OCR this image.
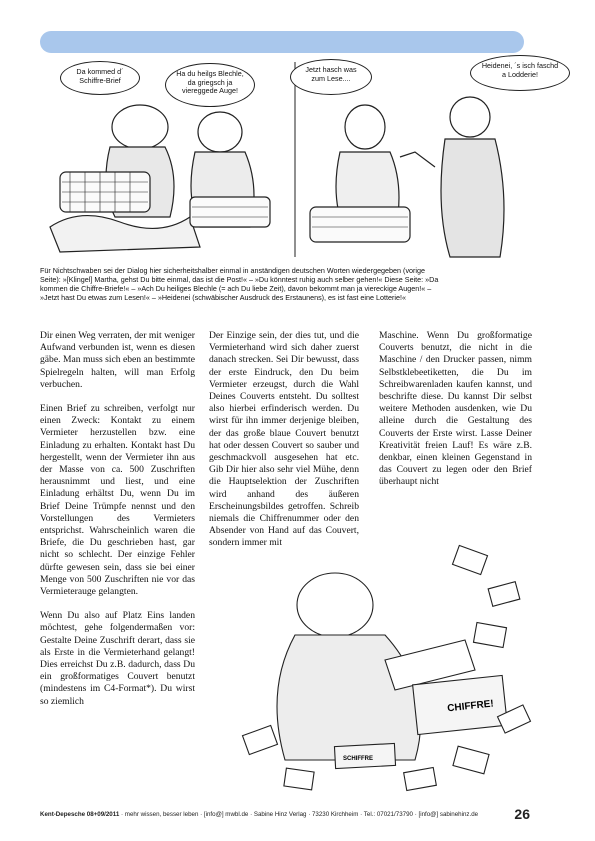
Da kommed d´ Schiffre-Brief
Ha du heilgs Blechle, da griegsch ja viereggede Auge!
Jetzt hasch was zum Lese....
Heidenei, ´s isch faschd a Lodderie!
Für Nichtschwaben sei der Dialog hier sicherheitshalber einmal in anständigen deutschen Worten wiedergegeben (vorige Seite): »[Klingel] Martha, gehst Du bitte einmal, das ist die Post!« – »Du könntest ruhig auch selber gehen!« Diese Seite: »Da kommen die Chiffre-Briefe!« – »Ach Du heiliges Blechle (= ach Du liebe Zeit), davon bekommt man ja viereckige Augen!« – »Jetzt hast Du etwas zum Lesen!« – »Heidenei (schwäbischer Ausdruck des Erstaunens), es ist fast eine Lotterie!«

Dir einen Weg verraten, der mit weniger Aufwand verbunden ist, wenn es diesen gäbe. Man muss sich eben an bestimmte Spielregeln halten, will man Erfolg verbuchen.

Einen Brief zu schreiben, verfolgt nur einen Zweck: Kontakt zu einem Vermieter herzustellen bzw. eine Einladung zu erhalten. Kontakt hast Du hergestellt, wenn der Vermieter ihn aus der Masse von ca. 500 Zuschriften herausnimmt und liest, und eine Einladung erhältst Du, wenn Du im Brief Deine Trümpfe nennst und den Vorstellungen des Vermieters entsprichst. Wahrscheinlich waren die Briefe, die Du geschrieben hast, gar nicht so schlecht. Der einzige Fehler dürfte gewesen sein, dass sie bei einer Menge von 500 Zuschriften nie vor das Vermieterauge gelangten.

Wenn Du also auf Platz Eins landen möchtest, gehe folgendermaßen vor: Gestalte Deine Zuschrift derart, dass sie als Erste in die Vermieterhand gelangt! Dies erreichst Du z.B. dadurch, dass Du ein großformatiges Couvert benutzt (mindestens im C4-Format*). Du wirst so ziemlich

Der Einzige sein, der dies tut, und die Vermieterhand wird sich daher zuerst danach strecken. Sei Dir bewusst, dass der erste Eindruck, den Du beim Vermieter erzeugst, durch die Wahl Deines Couverts entsteht. Du solltest also hierbei erfinderisch werden. Du wirst für ihn immer derjenige bleiben, der das große blaue Couvert benutzt hat oder dessen Couvert so sauber und geschmackvoll ausgesehen hat etc. Gib Dir hier also sehr viel Mühe, denn die Hauptselektion der Zuschriften wird anhand des äußeren Erscheinungsbildes getroffen. Schreib niemals die Chiffrenummer oder den Absender von Hand auf das Couvert, sondern immer mit

Maschine. Wenn Du großformatige Couverts benutzt, die nicht in die Maschine / den Drucker passen, nimm Selbstklebeetiketten, die Du im Schreibwarenladen kaufen kannst, und beschrifte diese. Du kannst Dir selbst weitere Methoden ausdenken, wie Du alleine durch die Gestaltung des Couverts der Erste wirst. Lasse Deiner Kreativität freien Lauf! Es wäre z.B. denkbar, einen kleinen Gegenstand in das Couvert zu legen oder den Brief überhaupt nicht

CHIFFRE!
SCHIFFRE
Kent-Depesche 08+09/2011 · mehr wissen, besser leben · [info@] mwbl.de · Sabine Hinz Verlag · 73230 Kirchheim · Tel.: 07021/73790 · [info@] sabinehinz.de	26
